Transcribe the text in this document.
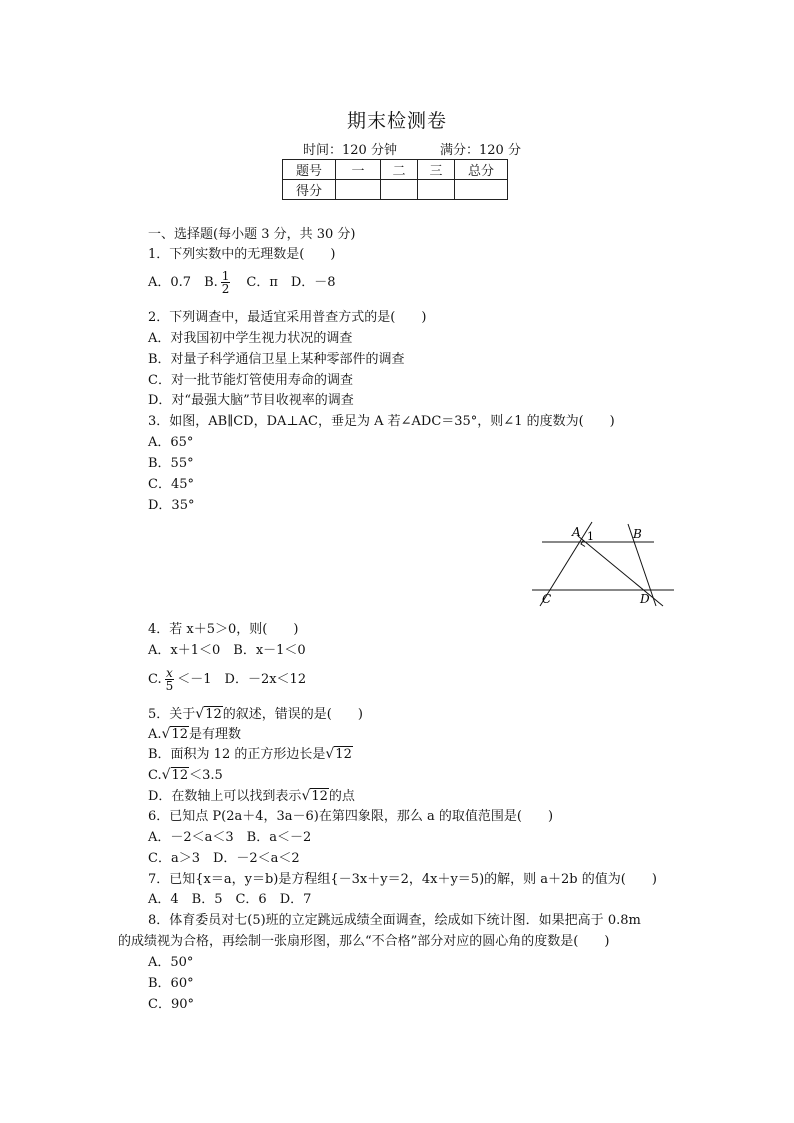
期末检测卷
时间：120 分钟	满分：120 分
题号	一	二	三	总分
得分				
一、选择题(每小题 3 分，共 30 分)
1．下列实数中的无理数是(　　)
A．0.7　B. $\frac{1}{2}$ 　C．π　D．－8
2．下列调查中，最适宜采用普查方式的是(　　)
A．对我国初中学生视力状况的调查
B．对量子科学通信卫星上某种零部件的调查
C．对一批节能灯管使用寿命的调查
D．对“最强大脑”节目收视率的调查
3．如图，AB∥CD，DA⊥AC，垂足为 A 若∠ADC＝35°，则∠1 的度数为(　　)
A．65°
B．55°
C．45°
D．35°
A 1	B
C	D
4．若 x＋5＞0，则(　　)
A．x＋1＜0　B．x－1＜0
C. $\frac{x}{5} <-1$　D．－2x＜12
5．关于√12的叙述，错误的是(　　)
A.√12是有理数
B．面积为 12 的正方形边长是√12
C.√12＜3.5
D．在数轴上可以找到表示√12的点
6．已知点 P(2a＋4，3a－6)在第四象限，那么 a 的取值范围是(　　)
A．－2＜a＜3　B．a＜－2
C．a＞3　D．－2＜a＜2
7．已知{x＝a，y＝b)是方程组{－3x＋y＝2，4x＋y＝5)的解，则 a＋2b 的值为(　　)
A．4　B．5　C．6　D．7
8．体育委员对七(5)班的立定跳远成绩全面调查，绘成如下统计图．如果把高于 0.8m
的成绩视为合格，再绘制一张扇形图，那么“不合格”部分对应的圆心角的度数是(　　)
A．50°
B．60°
C．90°
